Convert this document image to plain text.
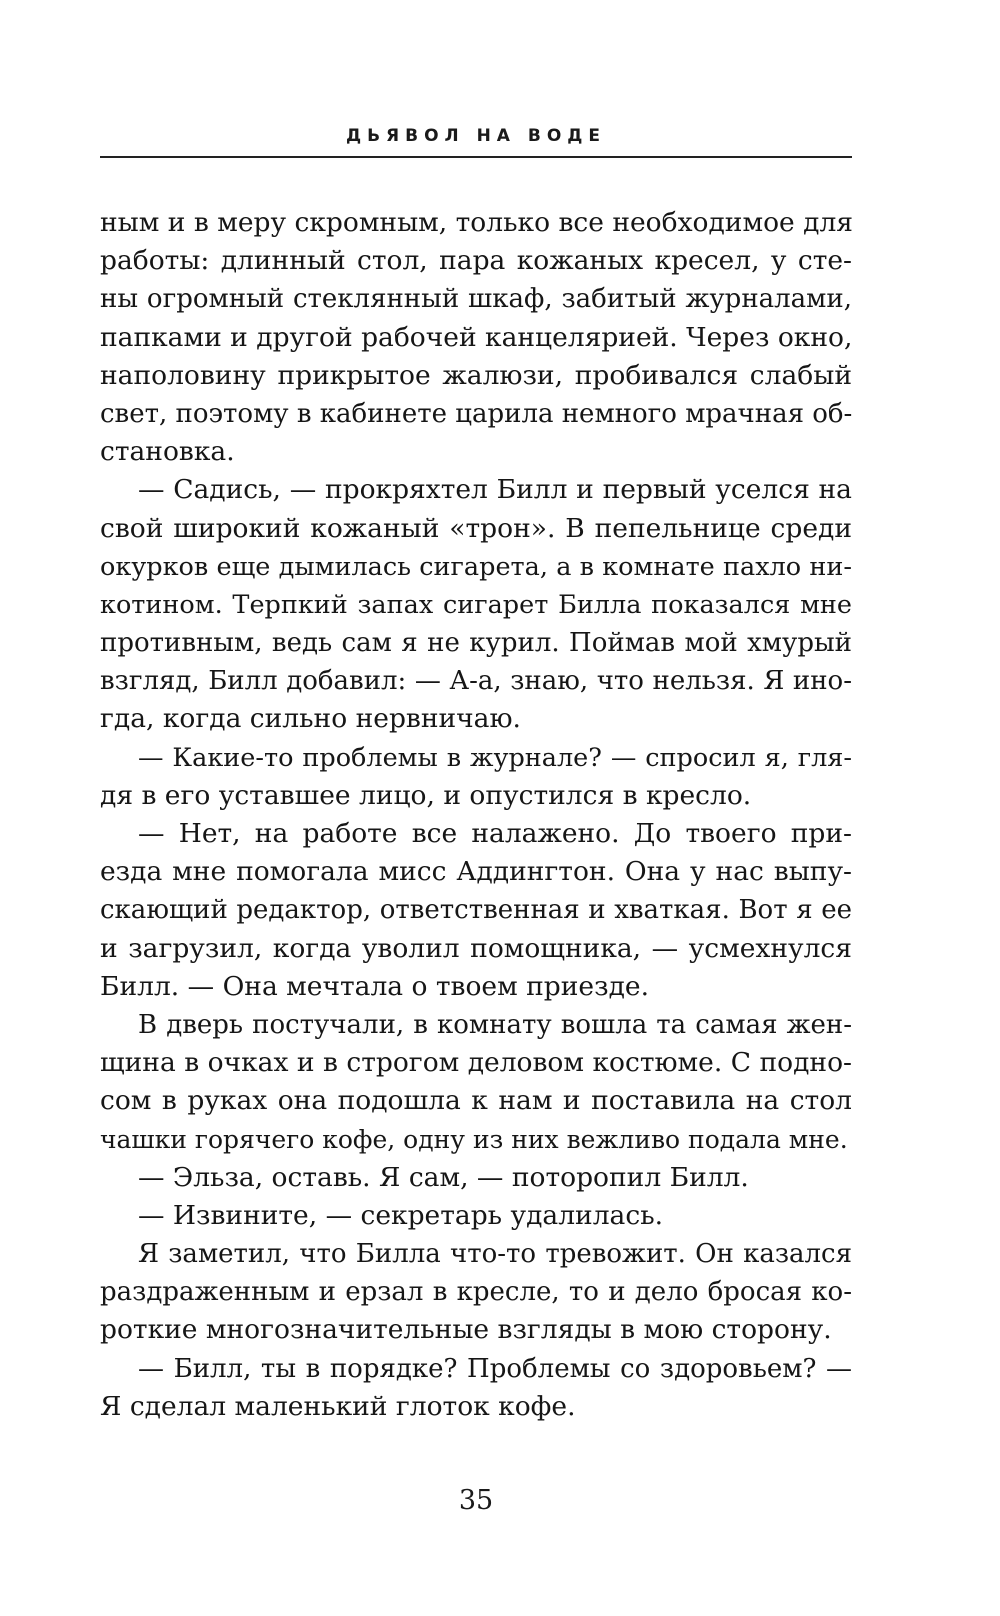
ДЬЯВОЛ НА ВОДЕ
ным и в меру скромным, только все необходимое для
работы: длинный стол, пара кожаных кресел, у сте-
ны огромный стеклянный шкаф, забитый журналами,
папками и другой рабочей канцелярией. Через окно,
наполовину прикрытое жалюзи, пробивался слабый
свет, поэтому в кабинете царила немного мрачная об-
становка.
— Садись, — прокряхтел Билл и первый уселся на
свой широкий кожаный «трон». В пепельнице среди
окурков еще дымилась сигарета, а в комнате пахло ни-
котином. Терпкий запах сигарет Билла показался мне
противным, ведь сам я не курил. Поймав мой хмурый
взгляд, Билл добавил: — А-а, знаю, что нельзя. Я ино-
гда, когда сильно нервничаю.
— Какие-то проблемы в журнале? — спросил я, гля-
дя в его уставшее лицо, и опустился в кресло.
— Нет, на работе все налажено. До твоего при-
езда мне помогала мисс Аддингтон. Она у нас выпу-
скающий редактор, ответственная и хваткая. Вот я ее
и загрузил, когда уволил помощника, — усмехнулся
Билл. — Она мечтала о твоем приезде.
В дверь постучали, в комнату вошла та самая жен-
щина в очках и в строгом деловом костюме. С подно-
сом в руках она подошла к нам и поставила на стол
чашки горячего кофе, одну из них вежливо подала мне.
— Эльза, оставь. Я сам, — поторопил Билл.
— Извините, — секретарь удалилась.
Я заметил, что Билла что-то тревожит. Он казался
раздраженным и ерзал в кресле, то и дело бросая ко-
роткие многозначительные взгляды в мою сторону.
— Билл, ты в порядке? Проблемы со здоровьем? —
Я сделал маленький глоток кофе.
35
